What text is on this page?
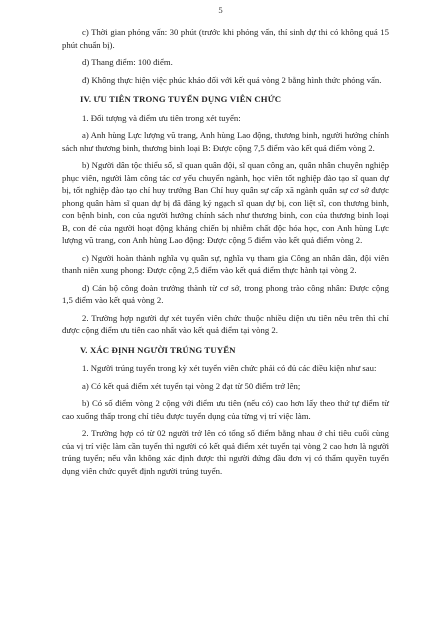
5

c) Thời gian phỏng vấn: 30 phút (trước khi phỏng vấn, thí sinh dự thi có không quá 15 phút chuẩn bị).

d) Thang điểm: 100 điểm.

đ) Không thực hiện việc phúc khảo đối với kết quả vòng 2 bằng hình thức phỏng vấn.

IV. ƯU TIÊN TRONG TUYỂN DỤNG VIÊN CHỨC

1. Đối tượng và điểm ưu tiên trong xét tuyển:

a) Anh hùng Lực lượng vũ trang, Anh hùng Lao động, thương binh, người hưởng chính sách như thương binh, thương binh loại B: Được cộng 7,5 điểm vào kết quả điểm vòng 2.

b) Người dân tộc thiểu số, sĩ quan quân đội, sĩ quan công an, quân nhân chuyên nghiệp phục viên, người làm công tác cơ yếu chuyển ngành, học viên tốt nghiệp đào tạo sĩ quan dự bị, tốt nghiệp đào tạo chỉ huy trưởng Ban Chỉ huy quân sự cấp xã ngành quân sự cơ sở được phong quân hàm sĩ quan dự bị đã đăng ký ngạch sĩ quan dự bị, con liệt sĩ, con thương binh, con bệnh binh, con của người hưởng chính sách như thương binh, con của thương binh loại B, con đẻ của người hoạt động kháng chiến bị nhiễm chất độc hóa học, con Anh hùng Lực lượng vũ trang, con Anh hùng Lao động: Được cộng 5 điểm vào kết quả điểm vòng 2.

c) Người hoàn thành nghĩa vụ quân sự, nghĩa vụ tham gia Công an nhân dân, đội viên thanh niên xung phong: Được cộng 2,5 điểm vào kết quả điểm thực hành tại vòng 2.

d) Cán bộ công đoàn trưởng thành từ cơ sở, trong phong trào công nhân: Được cộng 1,5 điểm vào kết quả vòng 2.

2. Trường hợp người dự xét tuyển viên chức thuộc nhiều diện ưu tiên nêu trên thì chỉ được cộng điểm ưu tiên cao nhất vào kết quả điểm tại vòng 2.

V. XÁC ĐỊNH NGƯỜI TRÚNG TUYỂN

1. Người trúng tuyển trong kỳ xét tuyển viên chức phải có đủ các điều kiện như sau:

a) Có kết quả điểm xét tuyển tại vòng 2 đạt từ 50 điểm trở lên;

b) Có số điểm vòng 2 cộng với điểm ưu tiên (nếu có) cao hơn lấy theo thứ tự điểm từ cao xuống thấp trong chỉ tiêu được tuyển dụng của từng vị trí việc làm.

2. Trường hợp có từ 02 người trở lên có tổng số điểm bằng nhau ở chỉ tiêu cuối cùng của vị trí việc làm cần tuyển thì người có kết quả điểm xét tuyển tại vòng 2 cao hơn là người trúng tuyển; nếu vẫn không xác định được thì người đứng đầu đơn vị có thẩm quyền tuyển dụng viên chức quyết định người trúng tuyển.
